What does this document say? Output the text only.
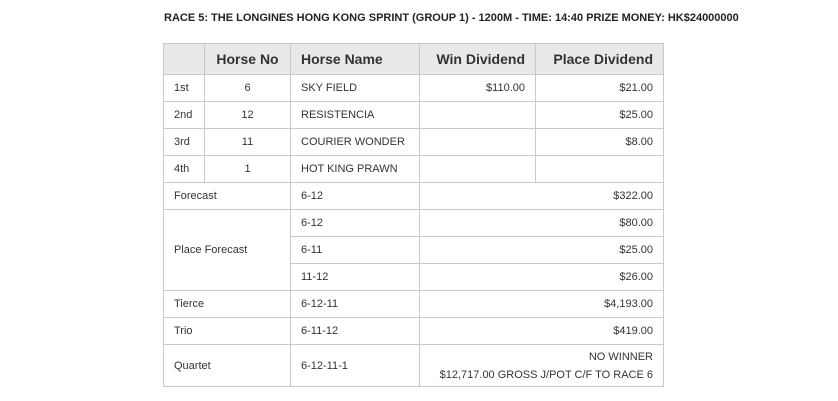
RACE 5: THE LONGINES HONG KONG SPRINT (GROUP 1) - 1200M - TIME: 14:40 PRIZE MONEY: HK$24000000
	Horse No	Horse Name	Win Dividend	Place Dividend
1st	6	SKY FIELD	$110.00	$21.00
2nd	12	RESISTENCIA		$25.00
3rd	11	COURIER WONDER		$8.00
4th	1	HOT KING PRAWN		
Forecast		6-12	$322.00	
Place Forecast		6-12	$80.00	
		6-11	$25.00	
		11-12	$26.00	
Tierce		6-12-11	$4,193.00	
Trio		6-11-12	$419.00	
Quartet		6-12-11-1	NO WINNER
$12,717.00 GROSS J/POT C/F TO RACE 6	
